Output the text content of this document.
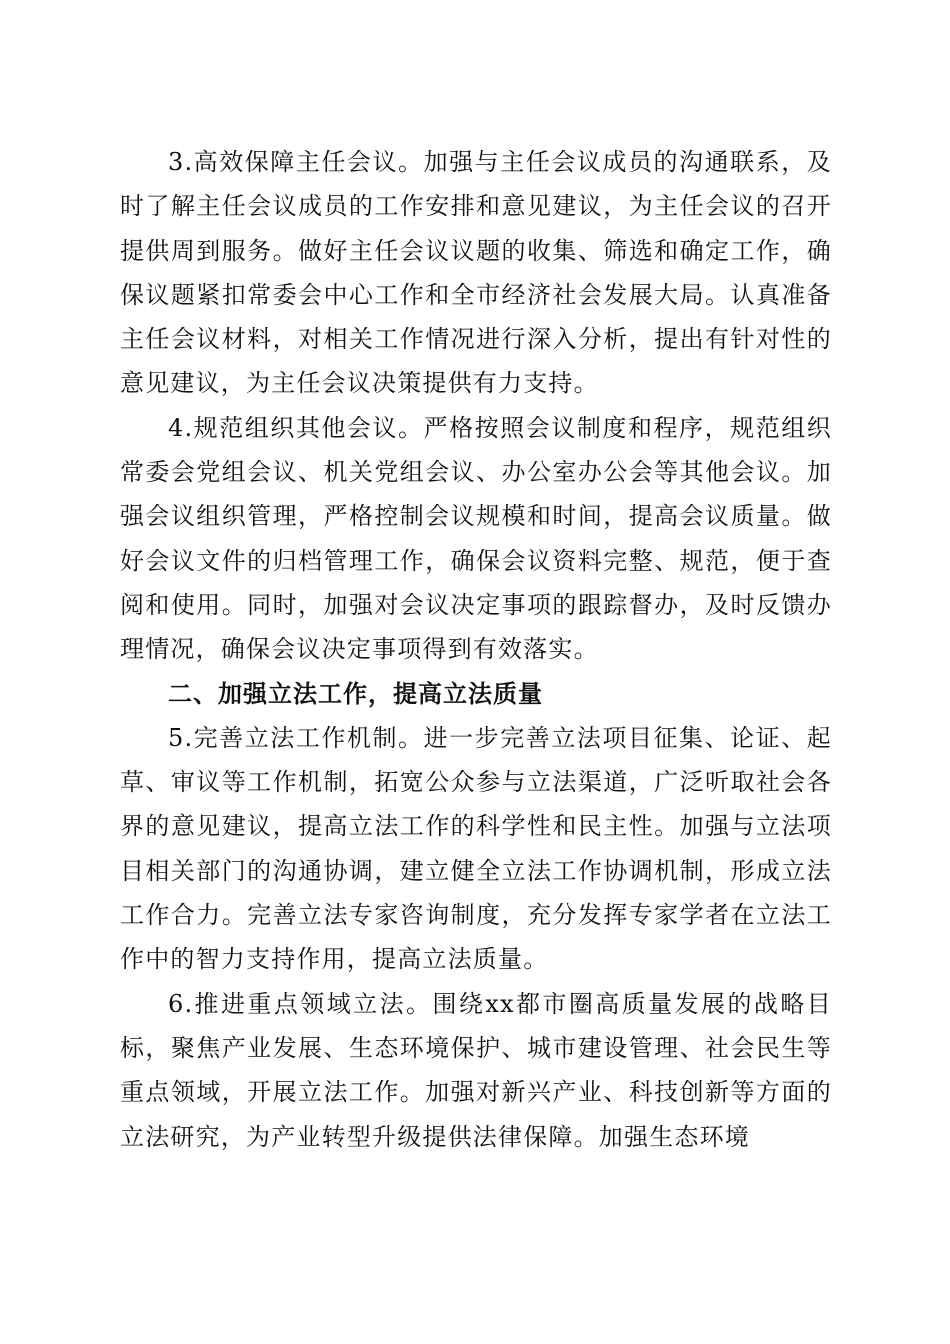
3.高效保障主任会议。加强与主任会议成员的沟通联系，及时了解主任会议成员的工作安排和意见建议，为主任会议的召开提供周到服务。做好主任会议议题的收集、筛选和确定工作，确保议题紧扣常委会中心工作和全市经济社会发展大局。认真准备主任会议材料，对相关工作情况进行深入分析，提出有针对性的意见建议，为主任会议决策提供有力支持。

4.规范组织其他会议。严格按照会议制度和程序，规范组织常委会党组会议、机关党组会议、办公室办公会等其他会议。加强会议组织管理，严格控制会议规模和时间，提高会议质量。做好会议文件的归档管理工作，确保会议资料完整、规范，便于查阅和使用。同时，加强对会议决定事项的跟踪督办，及时反馈办理情况，确保会议决定事项得到有效落实。

二、加强立法工作，提高立法质量

5.完善立法工作机制。进一步完善立法项目征集、论证、起草、审议等工作机制，拓宽公众参与立法渠道，广泛听取社会各界的意见建议，提高立法工作的科学性和民主性。加强与立法项目相关部门的沟通协调，建立健全立法工作协调机制，形成立法工作合力。完善立法专家咨询制度，充分发挥专家学者在立法工作中的智力支持作用，提高立法质量。

6.推进重点领域立法。围绕xx都市圈高质量发展的战略目标，聚焦产业发展、生态环境保护、城市建设管理、社会民生等重点领域，开展立法工作。加强对新兴产业、科技创新等方面的立法研究，为产业转型升级提供法律保障。加强生态环境
